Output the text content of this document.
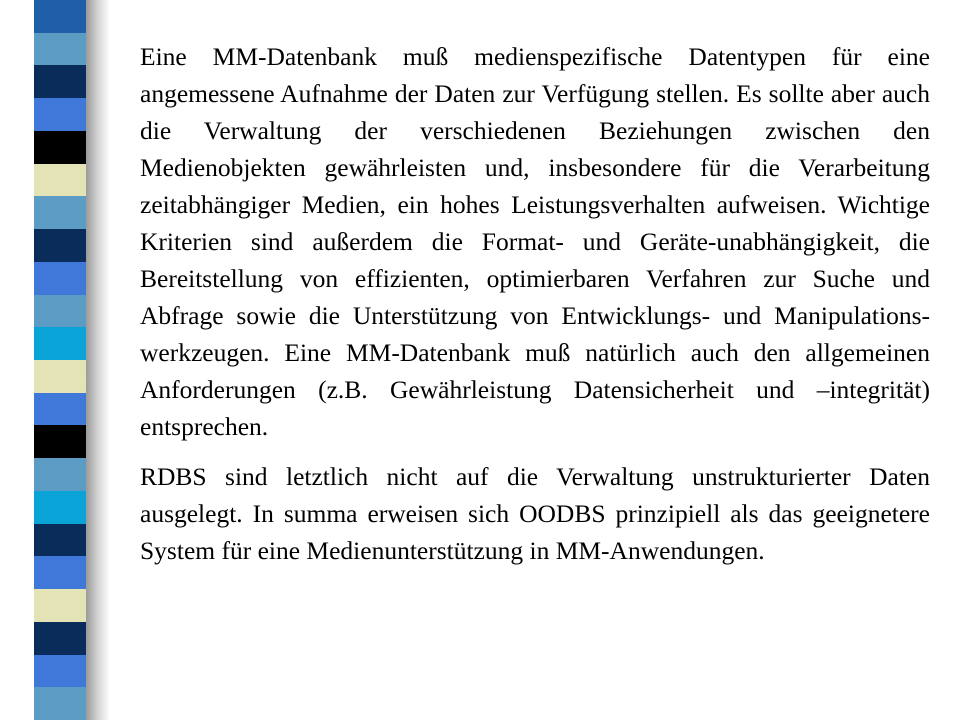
Eine MM-Datenbank muß medienspezifische Datentypen für eine angemessene Aufnahme der Daten zur Verfügung stellen. Es sollte aber auch die Verwaltung der verschiedenen Beziehungen zwischen den Medienobjekten gewährleisten und, insbesondere für die Verarbeitung zeitabhängiger Medien, ein hohes Leistungsverhalten aufweisen. Wichtige Kriterien sind außerdem die Format- und Geräte-unabhängigkeit, die Bereitstellung von effizienten, optimierbaren Verfahren zur Suche und Abfrage sowie die Unterstützung von Entwicklungs- und Manipulations-werkzeugen. Eine MM-Datenbank muß natürlich auch den allgemeinen Anforderungen (z.B. Gewährleistung Datensicherheit und –integrität) entsprechen.

RDBS sind letztlich nicht auf die Verwaltung unstrukturierter Daten ausgelegt. In summa erweisen sich OODBS prinzipiell als das geeignetere System für eine Medienunterstützung in MM-Anwendungen.
